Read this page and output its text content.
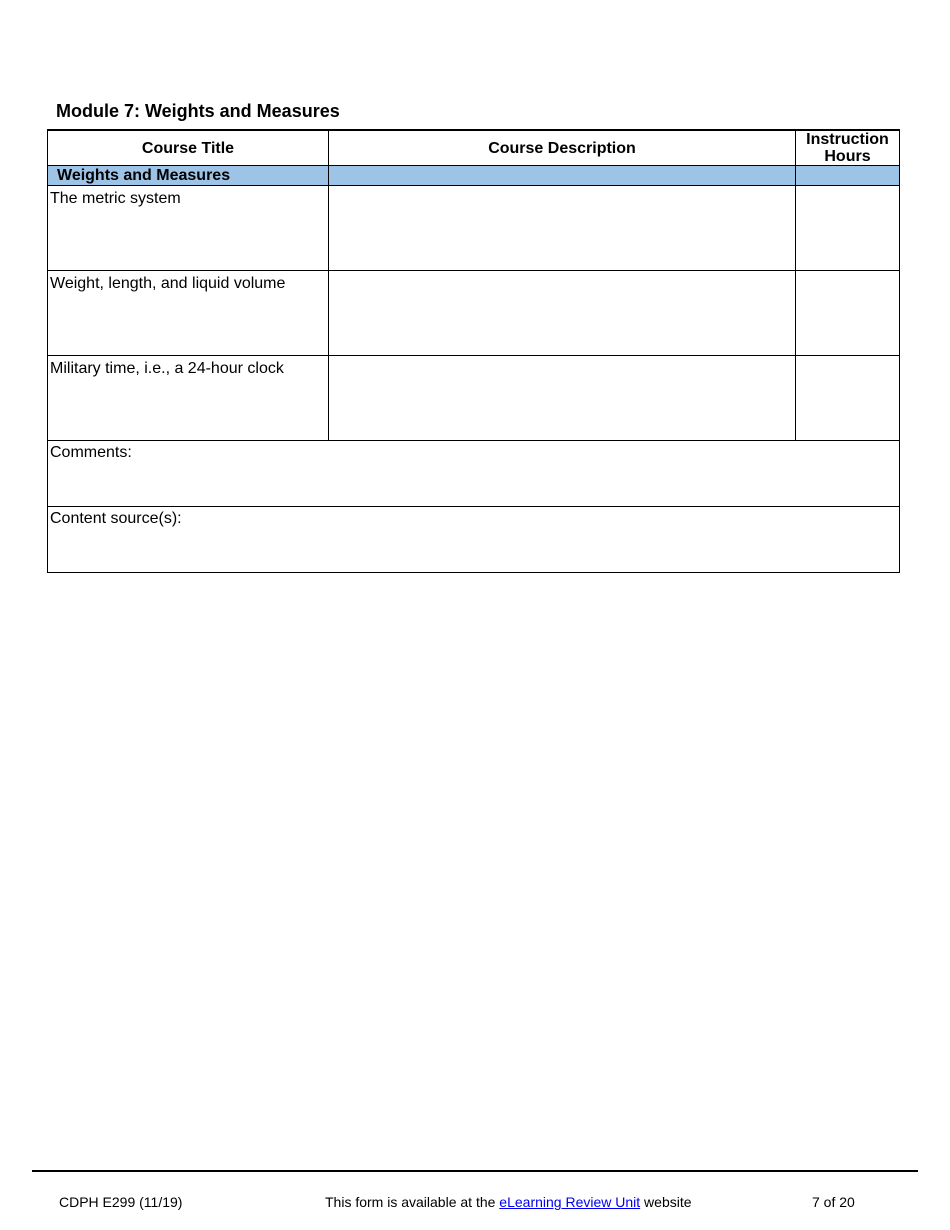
Module 7: Weights and Measures
Course Title	Course Description	Instruction Hours
Weights and Measures		
The metric system		
Weight, length, and liquid volume		
Military time, i.e., a 24-hour clock		
Comments:		
Content source(s):		
CDPH E299 (11/19)	This form is available at the eLearning Review Unit website	7 of 20
